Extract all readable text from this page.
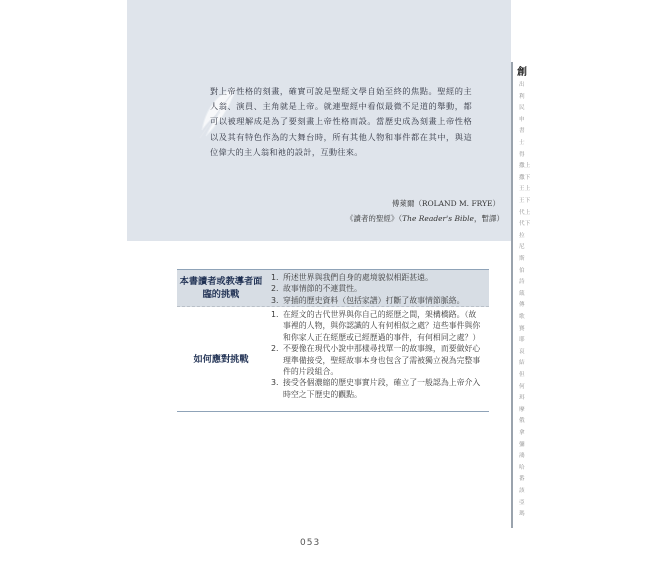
對上帝性格的刻畫，確實可說是聖經文學自始至終的焦點。聖經的主人翁、演員、主角就是上帝。就連聖經中看似最微不足道的舉動，都可以被理解成是為了要刻畫上帝性格而設。當歷史成為刻畫上帝性格以及其有特色作為的大舞台時，所有其他人物和事件都在其中，與這位偉大的主人翁和祂的設計，互動往來。

傅萊爾（ROLAND M. FRYE）
《讀者的聖經》（The Reader's Bible，暫譯）
本書讀者或教導者面臨的挑戰
1. 所述世界與我們自身的處境貌似相距甚遠。
2. 故事情節的不連貫性。
3. 穿插的歷史資料（包括家譜）打斷了故事情節脈絡。
如何應對挑戰
1. 在經文的古代世界與你自己的經歷之間，架構橋路。（故事裡的人物，與你認識的人有何相似之處？這些事件與你和你家人正在經歷或已經歷過的事件，有何相同之處？）
2. 不要像在現代小說中那樣尋找單一的故事線，而要做好心理準備接受，聖經故事本身也包含了需被獨立視為完整事件的片段組合。
3. 接受各個濃縮的歷史事實片段，確立了一般認為上帝介入時空之下歷史的觀點。
創
出
利
民
申
書
士
得
撒上
撒下
王上
王下
代上
代下
拉
尼
斯
伯
詩
箴
傳
歌
賽
耶
哀
結
但
何
珥
摩
俄
拿
彌
鴻
哈
番
該
亞
瑪
053
